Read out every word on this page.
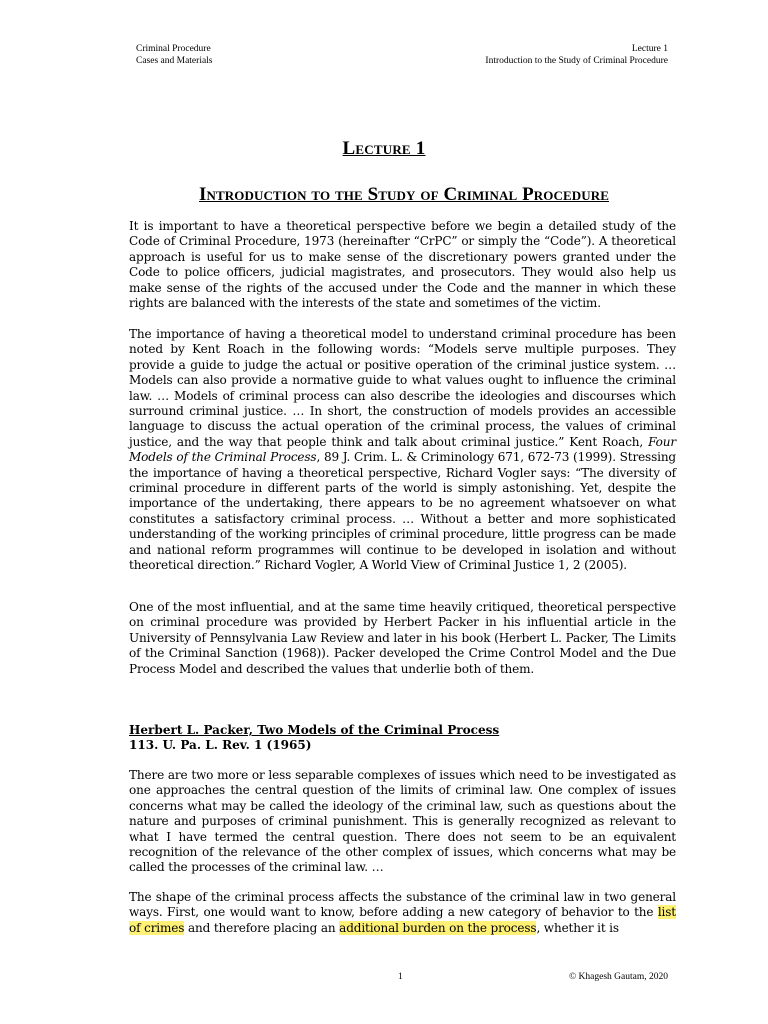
Criminal Procedure
Cases and Materials
Lecture 1
Introduction to the Study of Criminal Procedure
Lecture 1
Introduction to the Study of Criminal Procedure

It is important to have a theoretical perspective before we begin a detailed study of the Code of Criminal Procedure, 1973 (hereinafter “CrPC” or simply the “Code”). A theoretical approach is useful for us to make sense of the discretionary powers granted under the Code to police officers, judicial magistrates, and prosecutors. They would also help us make sense of the rights of the accused under the Code and the manner in which these rights are balanced with the interests of the state and sometimes of the victim.

The importance of having a theoretical model to understand criminal procedure has been noted by Kent Roach in the following words: “Models serve multiple purposes. They provide a guide to judge the actual or positive operation of the criminal justice system. … Models can also provide a normative guide to what values ought to influence the criminal law. … Models of criminal process can also describe the ideologies and discourses which surround criminal justice. … In short, the construction of models provides an accessible language to discuss the actual operation of the criminal process, the values of criminal justice, and the way that people think and talk about criminal justice.” Kent Roach, Four Models of the Criminal Process, 89 J. Crim. L. & Criminology 671, 672-73 (1999). Stressing the importance of having a theoretical perspective, Richard Vogler says: “The diversity of criminal procedure in different parts of the world is simply astonishing. Yet, despite the importance of the undertaking, there appears to be no agreement whatsoever on what constitutes a satisfactory criminal process. … Without a better and more sophisticated understanding of the working principles of criminal procedure, little progress can be made and national reform programmes will continue to be developed in isolation and without theoretical direction.” Richard Vogler, A World View of Criminal Justice 1, 2 (2005).

One of the most influential, and at the same time heavily critiqued, theoretical perspective on criminal procedure was provided by Herbert Packer in his influential article in the University of Pennsylvania Law Review and later in his book (Herbert L. Packer, The Limits of the Criminal Sanction (1968)). Packer developed the Crime Control Model and the Due Process Model and described the values that underlie both of them.

Herbert L. Packer, Two Models of the Criminal Process
113. U. Pa. L. Rev. 1 (1965)

There are two more or less separable complexes of issues which need to be investigated as one approaches the central question of the limits of criminal law. One complex of issues concerns what may be called the ideology of the criminal law, such as questions about the nature and purposes of criminal punishment. This is generally recognized as relevant to what I have termed the central question. There does not seem to be an equivalent recognition of the relevance of the other complex of issues, which concerns what may be called the processes of the criminal law. …

The shape of the criminal process affects the substance of the criminal law in two general ways. First, one would want to know, before adding a new category of behavior to the list of crimes and therefore placing an additional burden on the process, whether it is

1	© Khagesh Gautam, 2020
